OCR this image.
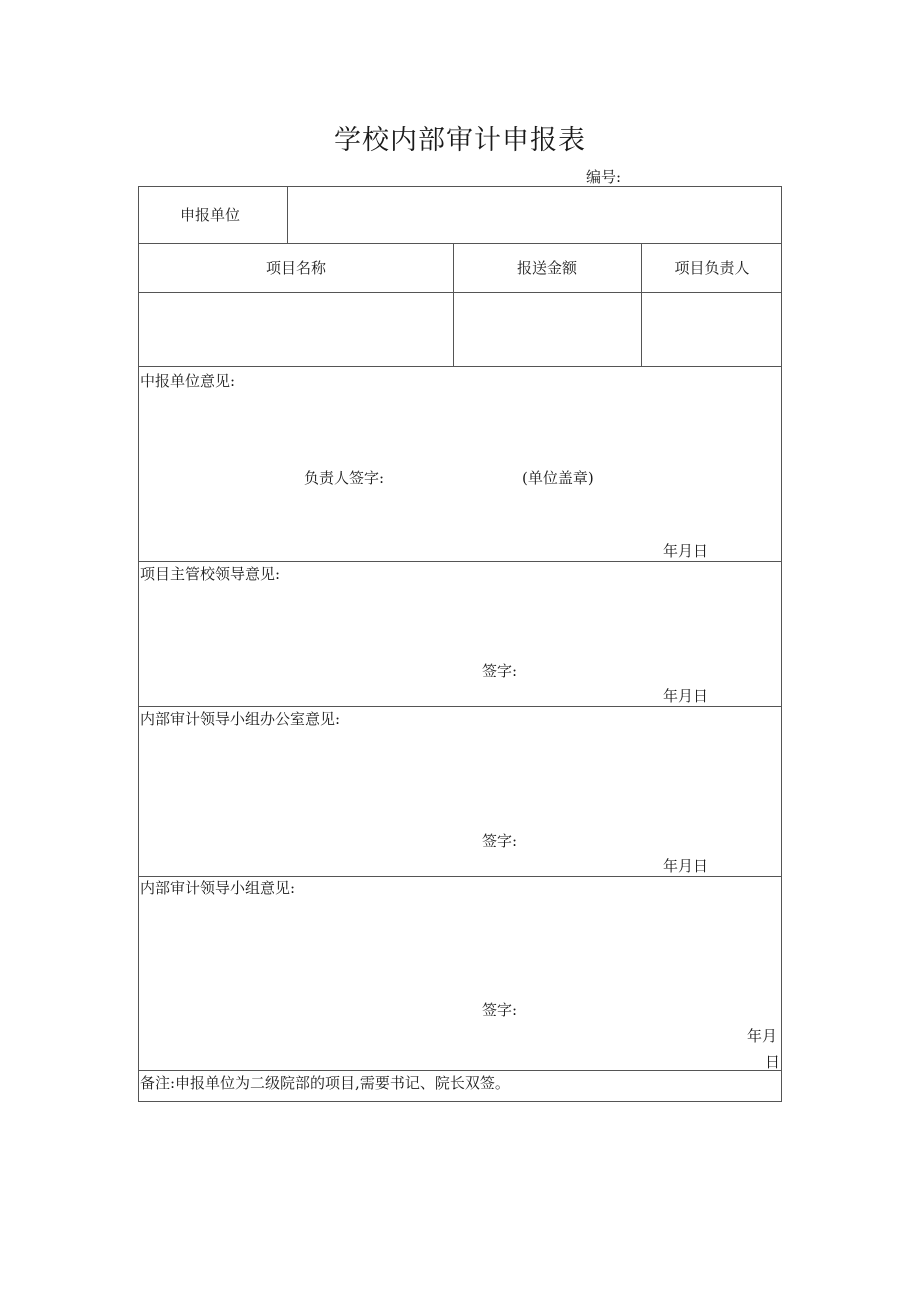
学校内部审计申报表
编号:
申报单位
项目名称	报送金额	项目负责人
中报单位意见:
负责人签字:	(单位盖章)
年月日
项目主管校领导意见:
签字:
年月日
内部审计领导小组办公室意见:
签字:
年月日
内部审计领导小组意见:
签字:
年月
日
备注:申报单位为二级院部的项目,需要书记、院长双签。
